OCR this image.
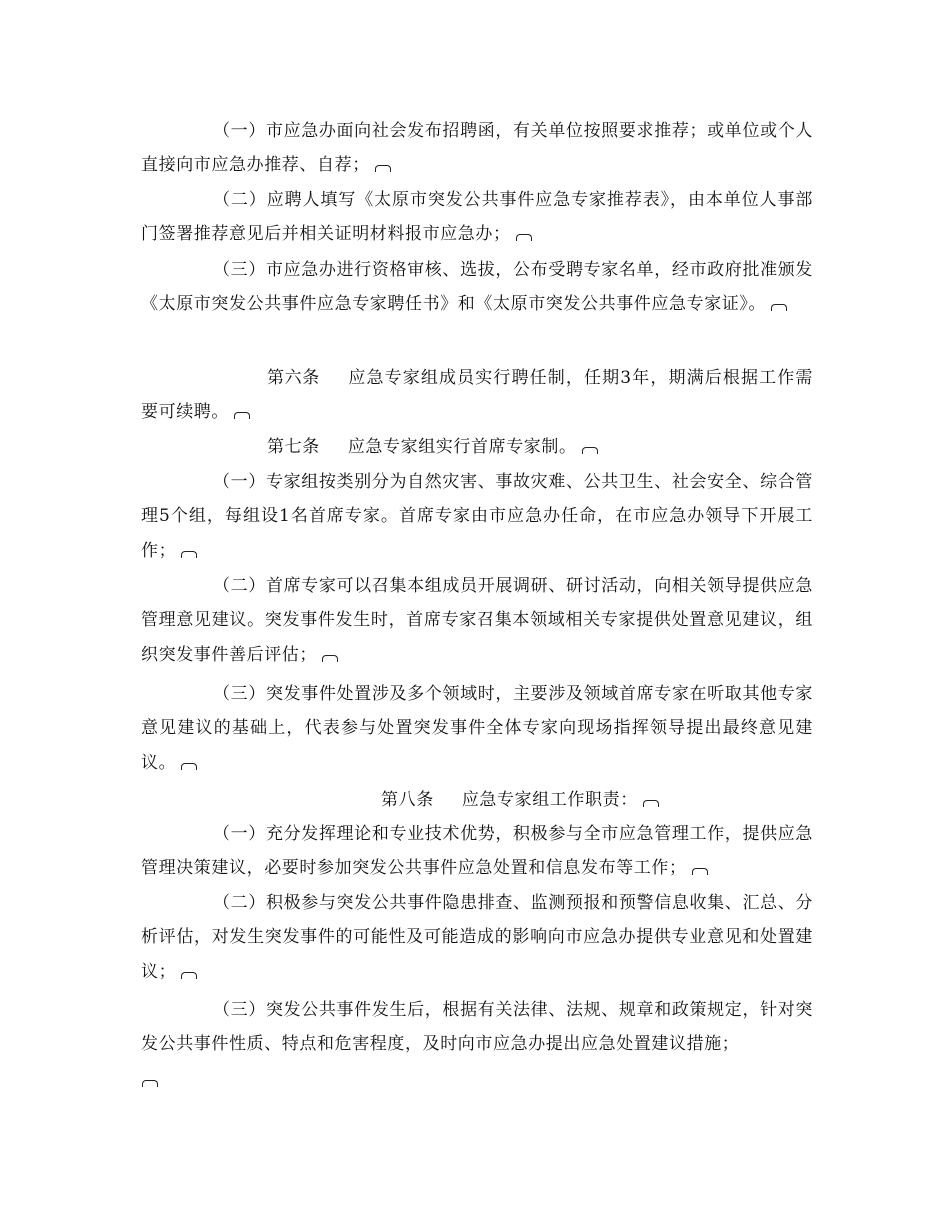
（一）市应急办面向社会发布招聘函，有关单位按照要求推荐；或单位或个人直接向市应急办推荐、自荐；

（二）应聘人填写《太原市突发公共事件应急专家推荐表》，由本单位人事部门签署推荐意见后并相关证明材料报市应急办；

（三）市应急办进行资格审核、选拔，公布受聘专家名单，经市政府批准颁发《太原市突发公共事件应急专家聘任书》和《太原市突发公共事件应急专家证》。

第六条 应急专家组成员实行聘任制，任期3年，期满后根据工作需要可续聘。

第七条 应急专家组实行首席专家制。

（一）专家组按类别分为自然灾害、事故灾难、公共卫生、社会安全、综合管理5个组，每组设1名首席专家。首席专家由市应急办任命，在市应急办领导下开展工作；

（二）首席专家可以召集本组成员开展调研、研讨活动，向相关领导提供应急管理意见建议。突发事件发生时，首席专家召集本领域相关专家提供处置意见建议，组织突发事件善后评估；

（三）突发事件处置涉及多个领域时，主要涉及领域首席专家在听取其他专家意见建议的基础上，代表参与处置突发事件全体专家向现场指挥领导提出最终意见建议。

第八条 应急专家组工作职责：

（一）充分发挥理论和专业技术优势，积极参与全市应急管理工作，提供应急管理决策建议，必要时参加突发公共事件应急处置和信息发布等工作；

（二）积极参与突发公共事件隐患排查、监测预报和预警信息收集、汇总、分析评估，对发生突发事件的可能性及可能造成的影响向市应急办提供专业意见和处置建议；

（三）突发公共事件发生后，根据有关法律、法规、规章和政策规定，针对突发公共事件性质、特点和危害程度，及时向市应急办提出应急处置建议措施；
